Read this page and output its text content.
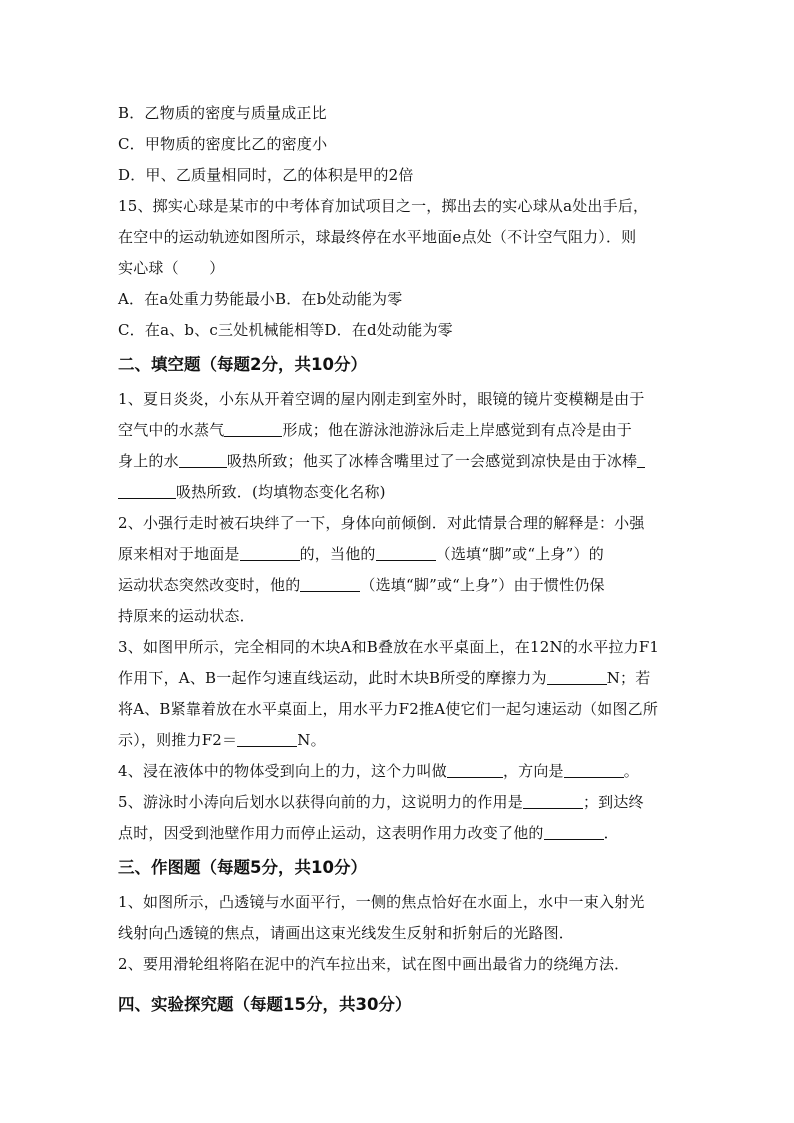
B．乙物质的密度与质量成正比
C．甲物质的密度比乙的密度小
D．甲、乙质量相同时，乙的体积是甲的2倍
15、掷实心球是某市的中考体育加试项目之一，掷出去的实心球从a处出手后，
在空中的运动轨迹如图所示，球最终停在水平地面e点处（不计空气阻力）．则
实心球（　　）
A．在a处重力势能最小B．在b处动能为零
C．在a、b、c三处机械能相等D．在d处动能为零
二、填空题（每题2分，共10分）
1、夏日炎炎，小东从开着空调的屋内刚走到室外时，眼镜的镜片变模糊是由于
空气中的水蒸气	形成；他在游泳池游泳后走上岸感觉到有点冷是由于
身上的水	吸热所致；他买了冰棒含嘴里过了一会感觉到凉快是由于冰棒
吸热所致．(均填物态变化名称)
2、小强行走时被石块绊了一下，身体向前倾倒．对此情景合理的解释是：小强
原来相对于地面是	的，当他的	（选填“脚”或“上身”）的
运动状态突然改变时，他的	（选填“脚”或“上身”）由于惯性仍保
持原来的运动状态．
3、如图甲所示，完全相同的木块A和B叠放在水平桌面上，在12N的水平拉力F1
作用下，A、B一起作匀速直线运动，此时木块B所受的摩擦力为	N；若
将A、B紧靠着放在水平桌面上，用水平力F2推A使它们一起匀速运动（如图乙所
示），则推力F2＝	N。
4、浸在液体中的物体受到向上的力，这个力叫做	，方向是	。
5、游泳时小涛向后划水以获得向前的力，这说明力的作用是	；到达终
点时，因受到池壁作用力而停止运动，这表明作用力改变了他的	．
三、作图题（每题5分，共10分）
1、如图所示，凸透镜与水面平行，一侧的焦点恰好在水面上，水中一束入射光
线射向凸透镜的焦点，请画出这束光线发生反射和折射后的光路图．
2、要用滑轮组将陷在泥中的汽车拉出来，试在图中画出最省力的绕绳方法．
四、实验探究题（每题15分，共30分）
